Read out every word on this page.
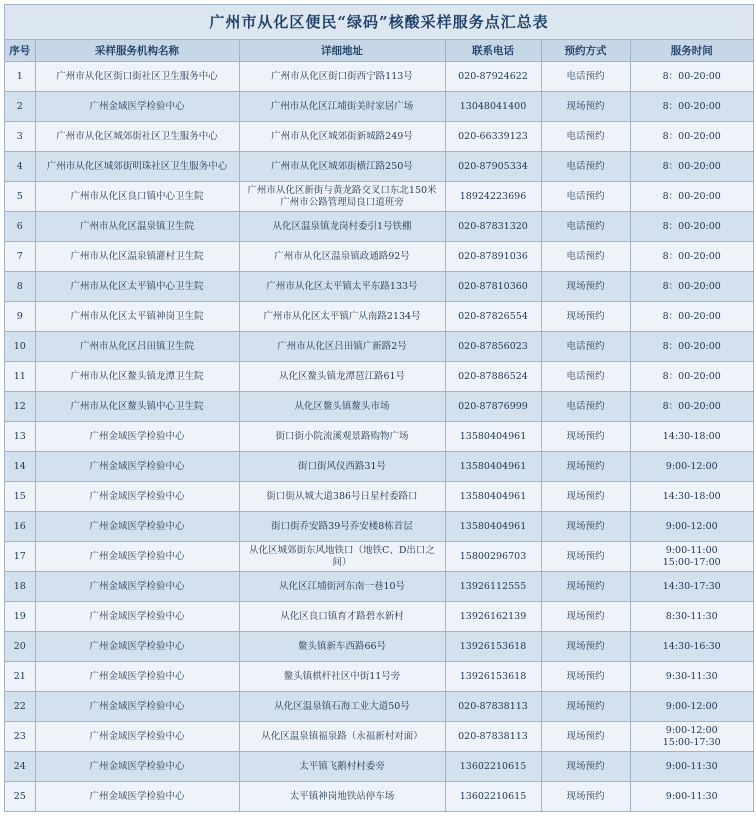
广州市从化区便民“绿码”核酸采样服务点汇总表
序号	采样服务机构名称	详细地址	联系电话	预约方式	服务时间
1	广州市从化区街口街社区卫生服务中心	广州市从化区街口街西宁路113号	020-87924622	电话预约	8：00-20:00
2	广州金域医学检验中心	广州市从化区江埔街美时家居广场	13048041400	现场预约	8：00-20:00
3	广州市从化区城郊街社区卫生服务中心	广州市从化区城郊街新城路249号	020-66339123	电话预约	8：00-20:00
4	广州市从化区城郊街明珠社区卫生服务中心	广州市从化区城郊街横江路250号	020-87905334	电话预约	8：00-20:00
5	广州市从化区良口镇中心卫生院	广州市从化区新街与黄龙路交叉口东北150米
广州市公路管理局良口道班旁	18924223696	电话预约	8：00-20:00
6	广州市从化区温泉镇卫生院	从化区温泉镇龙岗村委引1号铁棚	020-87831320	电话预约	8：00-20:00
7	广州市从化区温泉镇灌村卫生院	广州市从化区温泉镇政通路92号	020-87891036	电话预约	8：00-20:00
8	广州市从化区太平镇中心卫生院	广州市从化区太平镇太平东路133号	020-87810360	现场预约	8：00-20:00
9	广州市从化区太平镇神岗卫生院	广州市从化区太平镇广从南路2134号	020-87826554	现场预约	8：00-20:00
10	广州市从化区吕田镇卫生院	广州市从化区吕田镇广新路2号	020-87856023	电话预约	8：00-20:00
11	广州市从化区鳌头镇龙潭卫生院	从化区鳌头镇龙潭琶江路61号	020-87886524	电话预约	8：00-20:00
12	广州市从化区鳌头镇中心卫生院	从化区鳌头镇鳌头市场	020-87876999	电话预约	8：00-20:00
13	广州金域医学检验中心	街口街小院流溪观景路购物广场	13580404961	现场预约	14:30-18:00
14	广州金域医学检验中心	街口街风仪西路31号	13580404961	现场预约	9:00-12:00
15	广州金域医学检验中心	街口街从城大道386号日星村委路口	13580404961	现场预约	14:30-18:00
16	广州金域医学检验中心	街口街乔安路39号乔安楼8栋首层	13580404961	现场预约	9:00-12:00
17	广州金域医学检验中心	从化区城郊街东风地铁口（地铁C、D出口之
间）	15800296703	现场预约	9:00-11:00
15:00-17:00
18	广州金域医学检验中心	从化区江埔街河东南一巷10号	13926112555	现场预约	14:30-17:30
19	广州金域医学检验中心	从化区良口镇育才路碧水新村	13926162139	现场预约	8:30-11:30
20	广州金域医学检验中心	鳌头镇新车西路66号	13926153618	现场预约	14:30-16:30
21	广州金域医学检验中心	鳌头镇棋杆社区中街11号旁	13926153618	现场预约	9:30-11:30
22	广州金域医学检验中心	从化区温泉镇石海工业大道50号	020-87838113	现场预约	9:00-12:00
23	广州金域医学检验中心	从化区温泉镇福泉路（永福新村对面）	020-87838113	现场预约	9:00-12:00
15:00-17:30
24	广州金域医学检验中心	太平镇飞鹅村村委旁	13602210615	现场预约	9:00-11:30
25	广州金域医学检验中心	太平镇神岗地铁站停车场	13602210615	现场预约	9:00-11:30
